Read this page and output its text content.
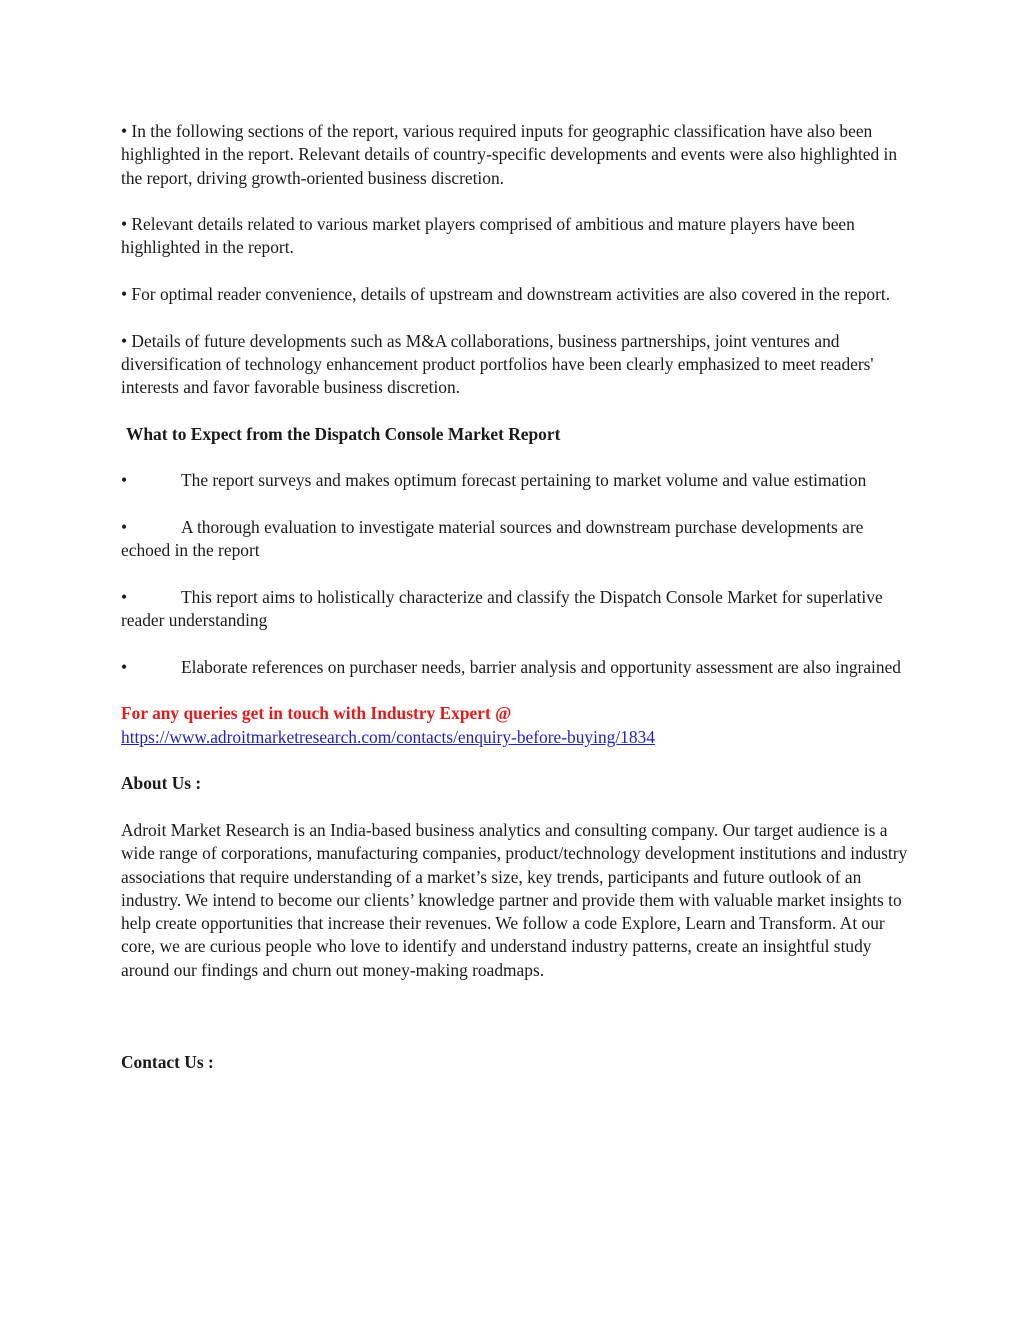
• In the following sections of the report, various required inputs for geographic classification have also been highlighted in the report. Relevant details of country-specific developments and events were also highlighted in the report, driving growth-oriented business discretion.

• Relevant details related to various market players comprised of ambitious and mature players have been highlighted in the report.

• For optimal reader convenience, details of upstream and downstream activities are also covered in the report.

• Details of future developments such as M&A collaborations, business partnerships, joint ventures and diversification of technology enhancement product portfolios have been clearly emphasized to meet readers' interests and favor favorable business discretion.

What to Expect from the Dispatch Console Market Report

•	The report surveys and makes optimum forecast pertaining to market volume and value estimation

•	A thorough evaluation to investigate material sources and downstream purchase developments are echoed in the report

•	This report aims to holistically characterize and classify the Dispatch Console Market for superlative reader understanding

•	Elaborate references on purchaser needs, barrier analysis and opportunity assessment are also ingrained

For any queries get in touch with Industry Expert @
https://www.adroitmarketresearch.com/contacts/enquiry-before-buying/1834

About Us :

Adroit Market Research is an India-based business analytics and consulting company. Our target audience is a wide range of corporations, manufacturing companies, product/technology development institutions and industry associations that require understanding of a market’s size, key trends, participants and future outlook of an industry. We intend to become our clients’ knowledge partner and provide them with valuable market insights to help create opportunities that increase their revenues. We follow a code Explore, Learn and Transform. At our core, we are curious people who love to identify and understand industry patterns, create an insightful study around our findings and churn out money-making roadmaps.

Contact Us :
